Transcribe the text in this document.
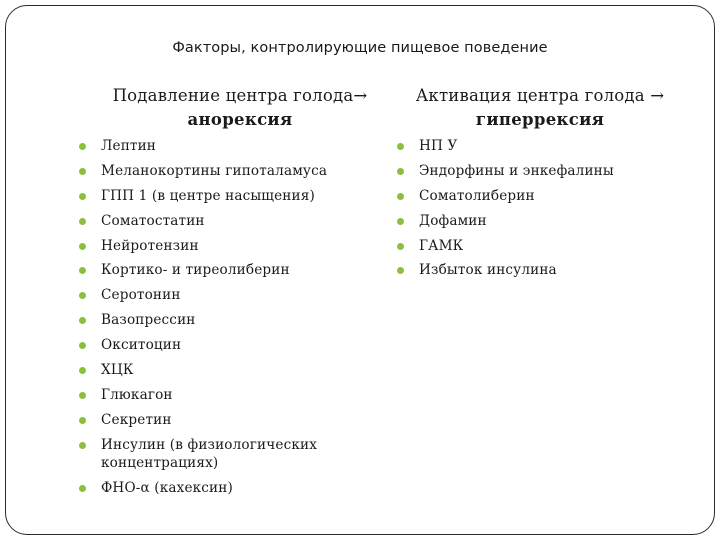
Факторы, контролирующие пищевое поведение
Подавление центра голода→
анорексия
Активация центра голода →
гиперрексия
Лептин
Меланокортины гипоталамуса
ГПП 1 (в центре насыщения)
Соматостатин
Нейротензин
Кортико- и тиреолиберин
Серотонин
Вазопрессин
Окситоцин
ХЦК
Глюкагон
Секретин
Инсулин (в физиологических концентрациях)
ФНО-α (кахексин)
НП У
Эндорфины и энкефалины
Соматолиберин
Дофамин
ГАМК
Избыток инсулина
